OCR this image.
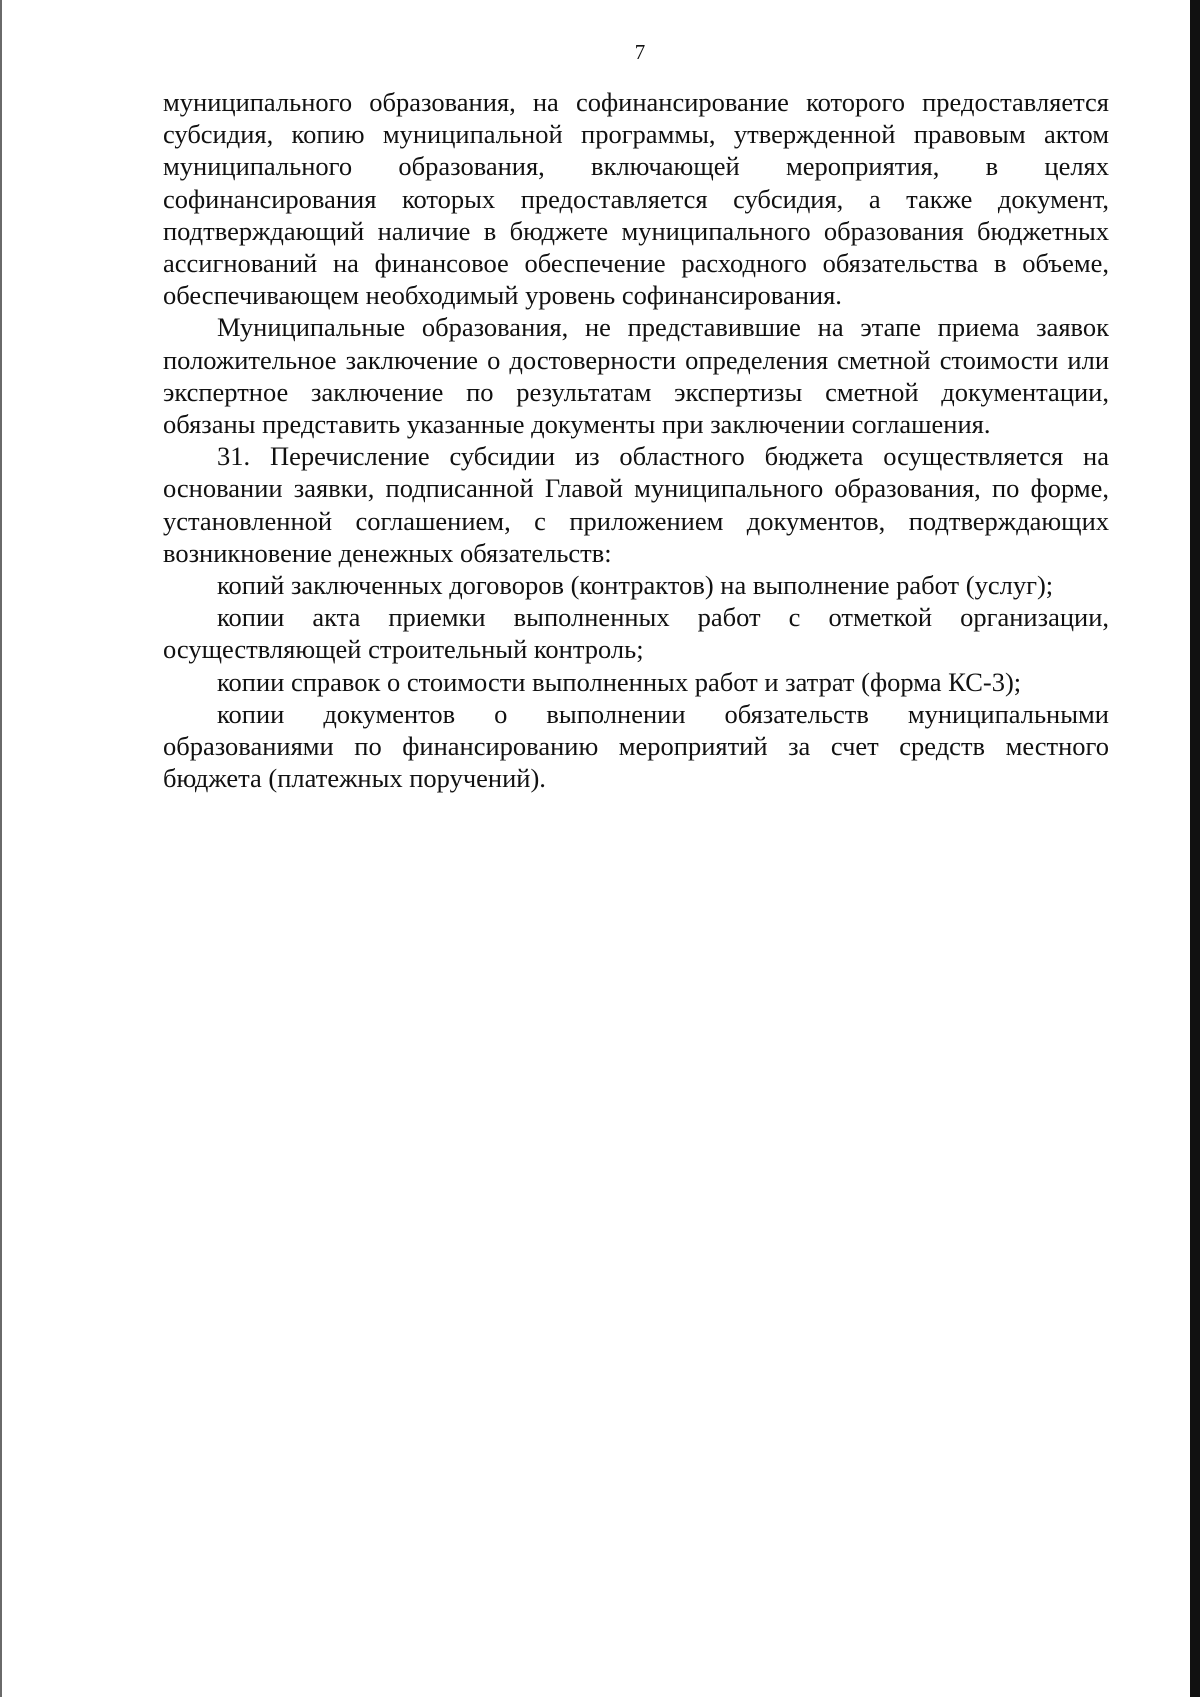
7

муниципального образования, на софинансирование которого предоставляется субсидия, копию муниципальной программы, утвержденной правовым актом муниципального образования, включающей мероприятия, в целях софинансирования которых предоставляется субсидия, а также документ, подтверждающий наличие в бюджете муниципального образования бюджетных ассигнований на финансовое обеспечение расходного обязательства в объеме, обеспечивающем необходимый уровень софинансирования.

Муниципальные образования, не представившие на этапе приема заявок положительное заключение о достоверности определения сметной стоимости или экспертное заключение по результатам экспертизы сметной документации, обязаны представить указанные документы при заключении соглашения.

31. Перечисление субсидии из областного бюджета осуществляется на основании заявки, подписанной Главой муниципального образования, по форме, установленной соглашением, с приложением документов, подтверждающих возникновение денежных обязательств:

копий заключенных договоров (контрактов) на выполнение работ (услуг);

копии акта приемки выполненных работ с отметкой организации, осуществляющей строительный контроль;

копии справок о стоимости выполненных работ и затрат (форма КС-3);

копии документов о выполнении обязательств муниципальными образованиями по финансированию мероприятий за счет средств местного бюджета (платежных поручений).
